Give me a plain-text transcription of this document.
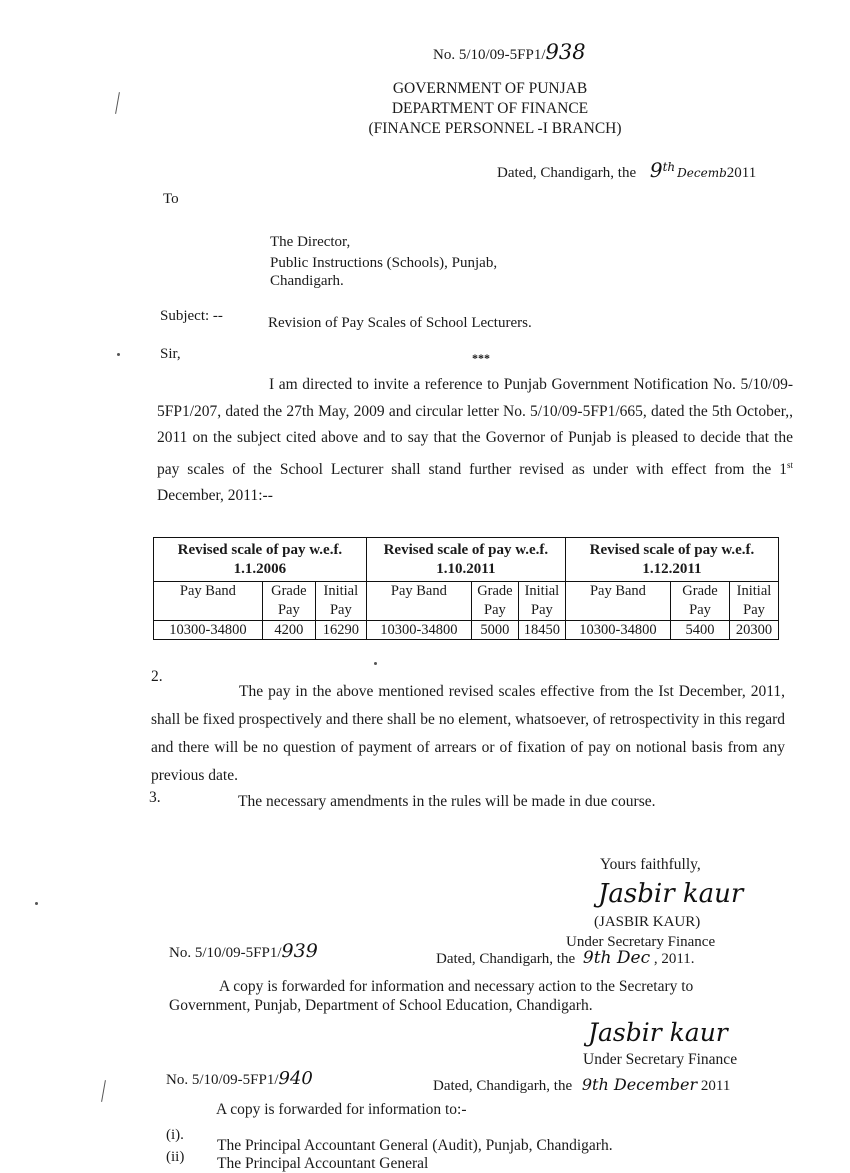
No. 5/10/09-5FP1/938
GOVERNMENT OF PUNJAB
DEPARTMENT OF FINANCE
(FINANCE PERSONNEL -I BRANCH)
Dated, Chandigarh, the 9th Decemb2011
To
The Director,
Public Instructions (Schools), Punjab,
Chandigarh.
Subject: --	Revision of Pay Scales of School Lecturers.
Sir,	***
I am directed to invite a reference to Punjab Government Notification No. 5/10/09-5FP1/207, dated the 27th May, 2009 and circular letter No. 5/10/09-5FP1/665, dated the 5th October,, 2011 on the subject cited above and to say that the Governor of Punjab is pleased to decide that the pay scales of the School Lecturer shall stand further revised as under with effect from the 1st December, 2011:--
Revised scale of pay w.e.f. 1.1.2006			Revised scale of pay w.e.f. 1.10.2011			Revised scale of pay w.e.f. 1.12.2011		
Pay Band	Grade Pay	Initial Pay	Pay Band	Grade Pay	Initial Pay	Pay Band	Grade Pay	Initial Pay
10300-34800	4200	16290	10300-34800	5000	18450	10300-34800	5400	20300
2.
The pay in the above mentioned revised scales effective from the Ist December, 2011, shall be fixed prospectively and there shall be no element, whatsoever, of retrospectivity in this regard and there will be no question of payment of arrears or of fixation of pay on notional basis from any previous date.
3.	The necessary amendments in the rules will be made in due course.
Yours faithfully,
Jasbir kaur
(JASBIR KAUR)
Under Secretary Finance
No. 5/10/09-5FP1/939	Dated, Chandigarh, the 9th Dec , 2011.
A copy is forwarded for information and necessary action to the Secretary to
Government, Punjab, Department of School Education, Chandigarh.
Jasbir kaur
Under Secretary Finance
No. 5/10/09-5FP1/940	Dated, Chandigarh, the 9th December 2011
A copy is forwarded for information to:-
(i).
The Principal Accountant General (Audit), Punjab, Chandigarh.
(ii) The Principal Accountant General
